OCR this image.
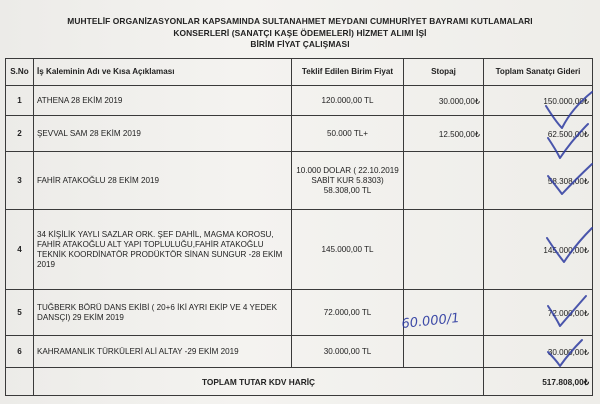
MUHTELİF ORGANİZASYONLAR KAPSAMINDA SULTANAHMET MEYDANI CUMHURİYET BAYRAMI KUTLAMALARI
KONSERLERİ (SANATÇI KAŞE ÖDEMELERİ) HİZMET ALIMI İŞİ
BİRİM FİYAT ÇALIŞMASI
S.No	İş Kaleminin Adı ve Kısa Açıklaması	Teklif Edilen Birim Fiyat	Stopaj	Toplam Sanatçı Gideri
1	ATHENA 28 EKİM 2019	120.000,00 TL	30.000,00₺	150.000,00₺
2	ŞEVVAL SAM 28 EKİM 2019	50.000 TL+	12.500,00₺	62.500,00₺
3	FAHİR ATAKOĞLU 28 EKİM 2019	10.000 DOLAR ( 22.10.2019 SABİT KUR 5.8303) 58.308,00 TL		58.308,00₺
4	34 KİŞİLİK YAYLI SAZLAR ORK. ŞEF DAHİL, MAGMA KOROSU, FAHİR ATAKOĞLU ALT YAPI TOPLULUĞU,FAHİR ATAKOĞLU TEKNİK KOORDİNATÖR PRODÜKTÖR SİNAN SUNGUR -28 EKİM 2019	145.000,00 TL		145.000,00₺
5	TUĞBERK BÖRÜ DANS EKİBİ ( 20+6 İKİ AYRI EKİP VE 4 YEDEK DANSÇI) 29 EKİM 2019	72.000,00 TL		72.000,00₺
6	KAHRAMANLIK TÜRKÜLERİ ALİ ALTAY -29 EKİM 2019	30.000,00 TL		30.000,00₺
	TOPLAM TUTAR KDV HARİÇ			517.808,00₺
60.000/1
